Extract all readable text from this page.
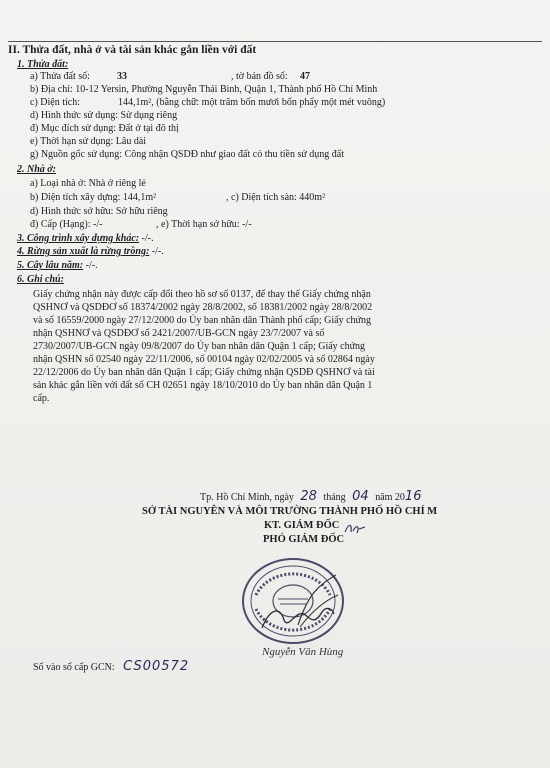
II. Thửa đất, nhà ở và tài sản khác gắn liền với đất
1. Thửa đất:
a) Thửa đất số:	33	, tờ bản đồ số: 47
b) Địa chỉ: 10-12 Yersin, Phường Nguyễn Thái Bình, Quận 1, Thành phố Hồ Chí Minh
c) Diện tích:	144,1m², (bằng chữ: một trăm bốn mươi bốn phẩy một mét vuông)
d) Hình thức sử dụng: Sử dụng riêng
đ) Mục đích sử dụng: Đất ở tại đô thị
e) Thời hạn sử dụng: Lâu dài
g) Nguồn gốc sử dụng: Công nhận QSDĐ như giao đất có thu tiền sử dụng đất
2. Nhà ở:
a) Loại nhà ở: Nhà ở riêng lẻ
b) Diện tích xây dựng: 144,1m²	, c) Diện tích sàn: 440m²
d) Hình thức sở hữu: Sở hữu riêng
đ) Cấp (Hạng): -/-	, e) Thời hạn sở hữu: -/-
3. Công trình xây dựng khác: -/-.
4. Rừng sản xuất là rừng trồng: -/-.
5. Cây lâu năm: -/-.
6. Ghi chú:
Giấy chứng nhận này được cấp đổi theo hồ sơ số 0137, để thay thế Giấy chứng nhận
QSHNƠ và QSDĐƠ số 18374/2002 ngày 28/8/2002, số 18381/2002 ngày 28/8/2002
và số 16559/2000 ngày 27/12/2000 do Ủy ban nhân dân Thành phố cấp; Giấy chứng
nhận QSHNƠ và QSDĐƠ số 2421/2007/UB-GCN ngày 23/7/2007 và số
2730/2007/UB-GCN ngày 09/8/2007 do Ủy ban nhân dân Quận 1 cấp; Giấy chứng
nhận QSHN số 02540 ngày 22/11/2006, số 00104 ngày 02/02/2005 và số 02864 ngày
22/12/2006 do Ủy ban nhân dân Quận 1 cấp; Giấy chứng nhận QSDĐ QSHNƠ và tài
sản khác gắn liền với đất số CH 02651 ngày 18/10/2010 do Ủy ban nhân dân Quận 1
cấp.
Tp. Hồ Chí Minh, ngày 28 tháng 04 năm 2016
SỞ TÀI NGUYÊN VÀ MÔI TRƯỜNG THÀNH PHỐ HỒ CHÍ M
KT. GIÁM ĐỐC
PHÓ GIÁM ĐỐC
Nguyễn Văn Hùng
Số vào sổ cấp GCN: CS00572
